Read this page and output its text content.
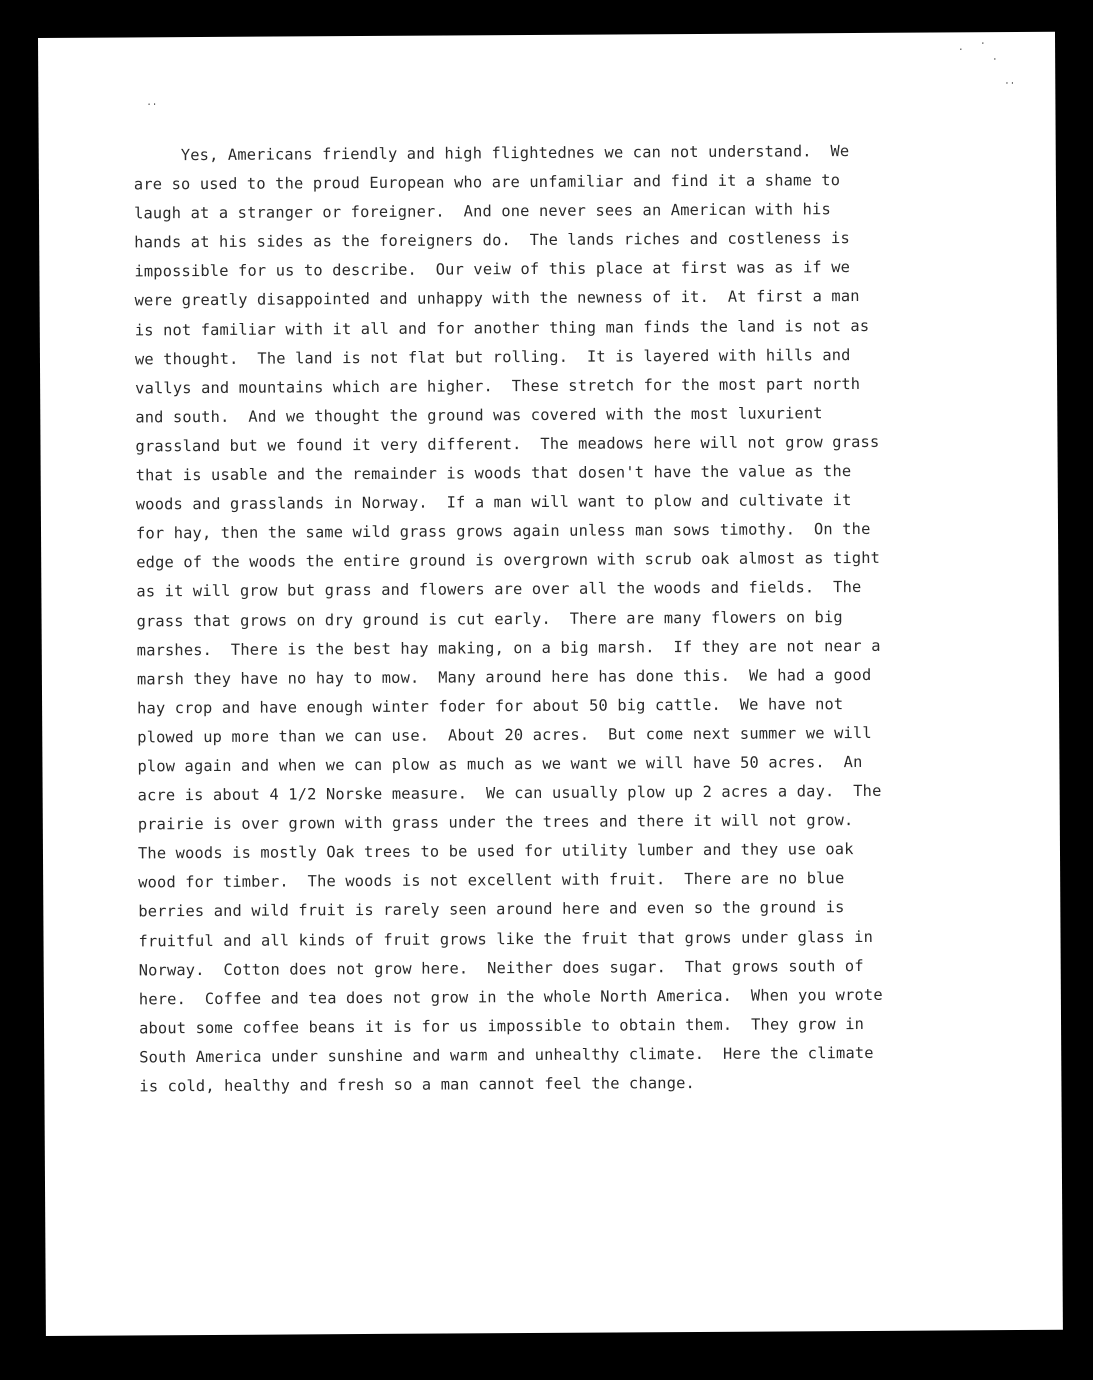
··
·
·
·
··
Yes, Americans friendly and high flightednes we can not understand.  We
are so used to the proud European who are unfamiliar and find it a shame to
laugh at a stranger or foreigner.  And one never sees an American with his
hands at his sides as the foreigners do.  The lands riches and costleness is
impossible for us to describe.  Our veiw of this place at first was as if we
were greatly disappointed and unhappy with the newness of it.  At first a man
is not familiar with it all and for another thing man finds the land is not as
we thought.  The land is not flat but rolling.  It is layered with hills and
vallys and mountains which are higher.  These stretch for the most part north
and south.  And we thought the ground was covered with the most luxurient
grassland but we found it very different.  The meadows here will not grow grass
that is usable and the remainder is woods that dosen't have the value as the
woods and grasslands in Norway.  If a man will want to plow and cultivate it
for hay, then the same wild grass grows again unless man sows timothy.  On the
edge of the woods the entire ground is overgrown with scrub oak almost as tight
as it will grow but grass and flowers are over all the woods and fields.  The
grass that grows on dry ground is cut early.  There are many flowers on big
marshes.  There is the best hay making, on a big marsh.  If they are not near a
marsh they have no hay to mow.  Many around here has done this.  We had a good
hay crop and have enough winter foder for about 50 big cattle.  We have not
plowed up more than we can use.  About 20 acres.  But come next summer we will
plow again and when we can plow as much as we want we will have 50 acres.  An
acre is about 4 1/2 Norske measure.  We can usually plow up 2 acres a day.  The
prairie is over grown with grass under the trees and there it will not grow.
The woods is mostly Oak trees to be used for utility lumber and they use oak
wood for timber.  The woods is not excellent with fruit.  There are no blue
berries and wild fruit is rarely seen around here and even so the ground is
fruitful and all kinds of fruit grows like the fruit that grows under glass in
Norway.  Cotton does not grow here.  Neither does sugar.  That grows south of
here.  Coffee and tea does not grow in the whole North America.  When you wrote
about some coffee beans it is for us impossible to obtain them.  They grow in
South America under sunshine and warm and unhealthy climate.  Here the climate
is cold, healthy and fresh so a man cannot feel the change.
